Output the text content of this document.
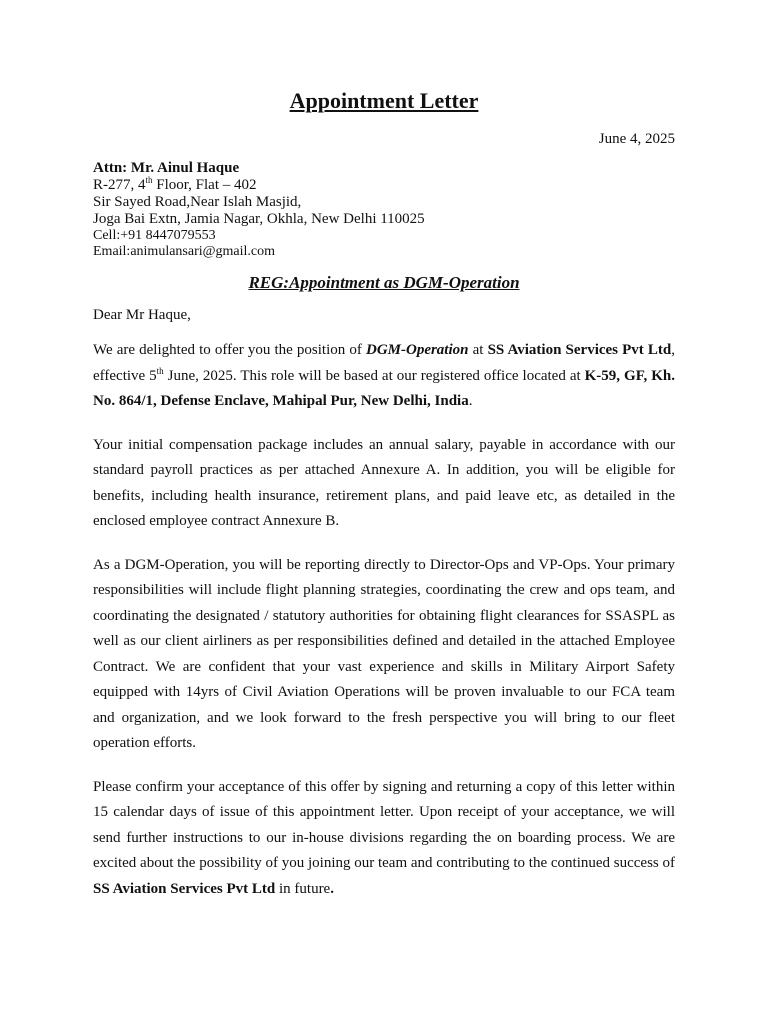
Appointment Letter
June 4, 2025
Attn: Mr. Ainul Haque
R-277, 4th Floor, Flat – 402
Sir Sayed Road,Near Islah Masjid,
Joga Bai Extn, Jamia Nagar, Okhla, New Delhi 110025
Cell:+91 8447079553
Email:animulansari@gmail.com
REG:Appointment as DGM-Operation
Dear Mr Haque,

We are delighted to offer you the position of DGM-Operation at SS Aviation Services Pvt Ltd, effective 5th June, 2025. This role will be based at our registered office located at K-59, GF, Kh. No. 864/1, Defense Enclave, Mahipal Pur, New Delhi, India.

Your initial compensation package includes an annual salary, payable in accordance with our standard payroll practices as per attached Annexure A. In addition, you will be eligible for benefits, including health insurance, retirement plans, and paid leave etc, as detailed in the enclosed employee contract Annexure B.

As a DGM-Operation, you will be reporting directly to Director-Ops and VP-Ops. Your primary responsibilities will include flight planning strategies, coordinating the crew and ops team, and coordinating the designated / statutory authorities for obtaining flight clearances for SSASPL as well as our client airliners as per responsibilities defined and detailed in the attached Employee Contract. We are confident that your vast experience and skills in Military Airport Safety equipped with 14yrs of Civil Aviation Operations will be proven invaluable to our FCA team and organization, and we look forward to the fresh perspective you will bring to our fleet operation efforts.

Please confirm your acceptance of this offer by signing and returning a copy of this letter within 15 calendar days of issue of this appointment letter. Upon receipt of your acceptance, we will send further instructions to our in-house divisions regarding the on boarding process. We are excited about the possibility of you joining our team and contributing to the continued success of SS Aviation Services Pvt Ltd in future.
